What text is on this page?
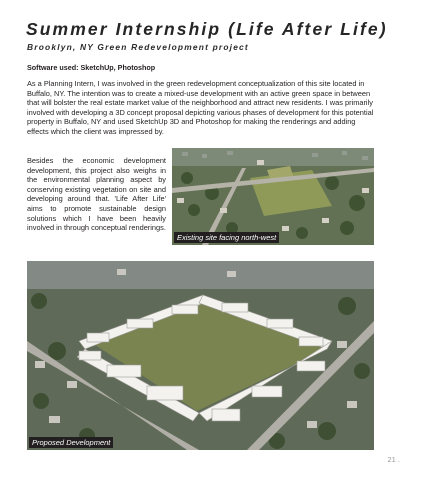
Summer Internship (Life After Life)
Brooklyn, NY Green Redevelopment project
Software used: SketchUp, Photoshop

As a Planning Intern, I was involved in the green redevelopment conceptualization of this site located in Buffalo, NY. The intention was to create a mixed-use development with an active green space in between that will bolster the real estate market value of the neighborhood and attract new residents. I was primarily involved with developing a 3D concept proposal depicting various phases of development for this potential property in Buffalo, NY and used SketchUp 3D and Photoshop for making the renderings and adding effects which the client was impressed by.

Besides the economic development development, this project also weighs in the environmental planning aspect by conserving existing vegetation on site and developing around that. 'Life After Life' aims to promote sustainable design solutions which I have been heavily involved in through conceptual renderings.

Existing site facing north-west
Proposed Development
21 .
